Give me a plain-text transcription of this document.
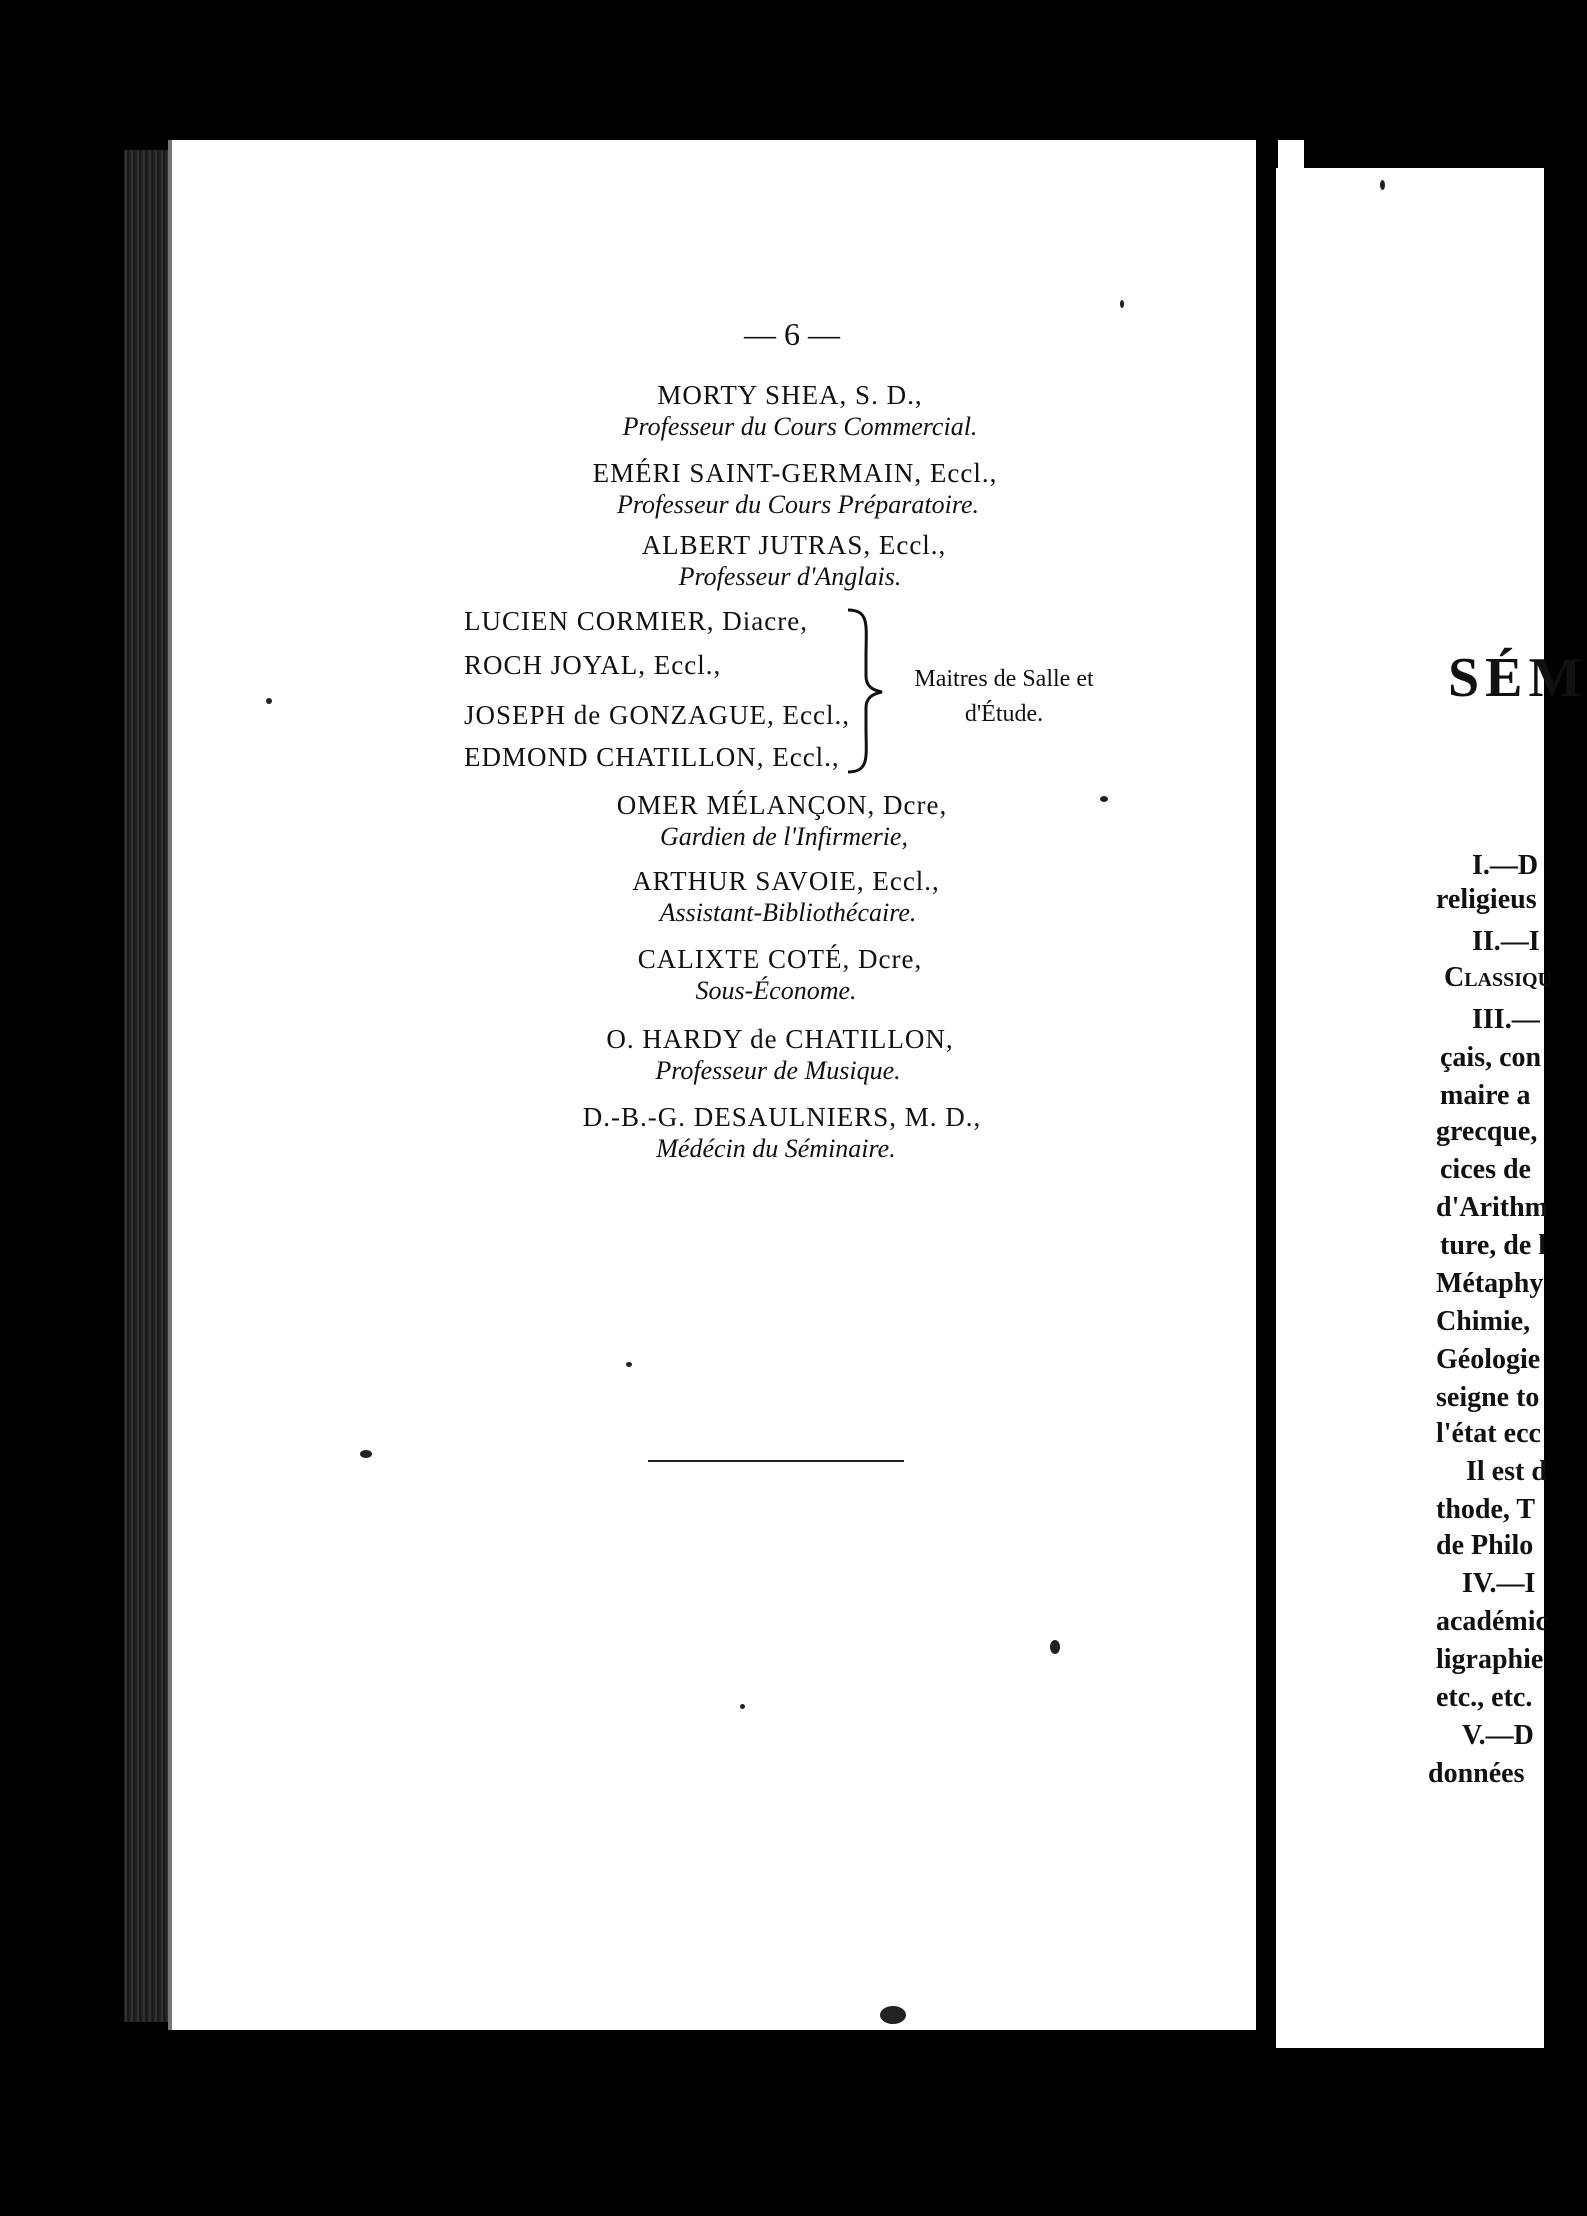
— 6 —
MORTY SHEA, S. D.,
Professeur du Cours Commercial.
EMÉRI SAINT-GERMAIN, Eccl.,
Professeur du Cours Préparatoire.
ALBERT JUTRAS, Eccl.,
Professeur d'Anglais.
LUCIEN CORMIER, Diacre,
ROCH JOYAL, Eccl.,
JOSEPH de GONZAGUE, Eccl.,
EDMOND CHATILLON, Eccl.,
Maitres de Salle et
d'Étude.
OMER MÉLANÇON, Dcre,
Gardien de l'Infirmerie,
ARTHUR SAVOIE, Eccl.,
Assistant-Bibliothécaire.
CALIXTE COTÉ, Dcre,
Sous-Économe.
O. HARDY de CHATILLON,
Professeur de Musique.
D.-B.-G. DESAULNIERS, M. D.,
Médécin du Séminaire.
SÉM
I.—D
religieus
II.—I
Classiqu
III.—
çais, con
maire a
grecque,
cices de
d'Arithm
ture, de l
Métaphy
Chimie,
Géologie
seigne to
l'état ecc
Il est d
thode, T
de Philo
IV.—I
académic
ligraphie
etc., etc.
V.—D
données
